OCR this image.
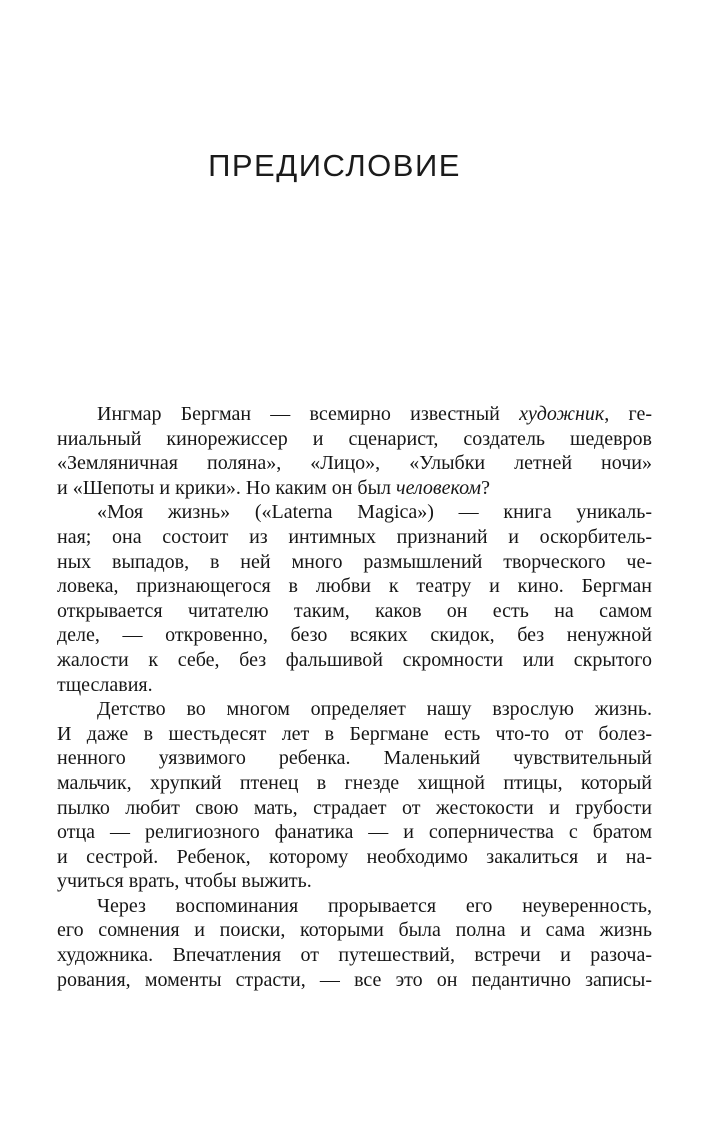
ПРЕДИСЛОВИЕ
Ингмар Бергман — всемирно известный художник, ге-
ниальный кинорежиссер и сценарист, создатель шедевров
«Земляничная поляна», «Лицо», «Улыбки летней ночи»
и «Шепоты и крики». Но каким он был человеком?
«Моя жизнь» («Laterna Magica») — книга уникаль-
ная; она состоит из интимных признаний и оскорбитель-
ных выпадов, в ней много размышлений творческого че-
ловека, признающегося в любви к театру и кино. Бергман
открывается читателю таким, каков он есть на самом
деле, — откровенно, безо всяких скидок, без ненужной
жалости к себе, без фальшивой скромности или скрытого
тщеславия.
Детство во многом определяет нашу взрослую жизнь.
И даже в шестьдесят лет в Бергмане есть что-то от болез-
ненного уязвимого ребенка. Маленький чувствительный
мальчик, хрупкий птенец в гнезде хищной птицы, который
пылко любит свою мать, страдает от жестокости и грубости
отца — религиозного фанатика — и соперничества с братом
и сестрой. Ребенок, которому необходимо закалиться и на-
учиться врать, чтобы выжить.
Через воспоминания прорывается его неуверенность,
его сомнения и поиски, которыми была полна и сама жизнь
художника. Впечатления от путешествий, встречи и разоча-
рования, моменты страсти, — все это он педантично записы-
